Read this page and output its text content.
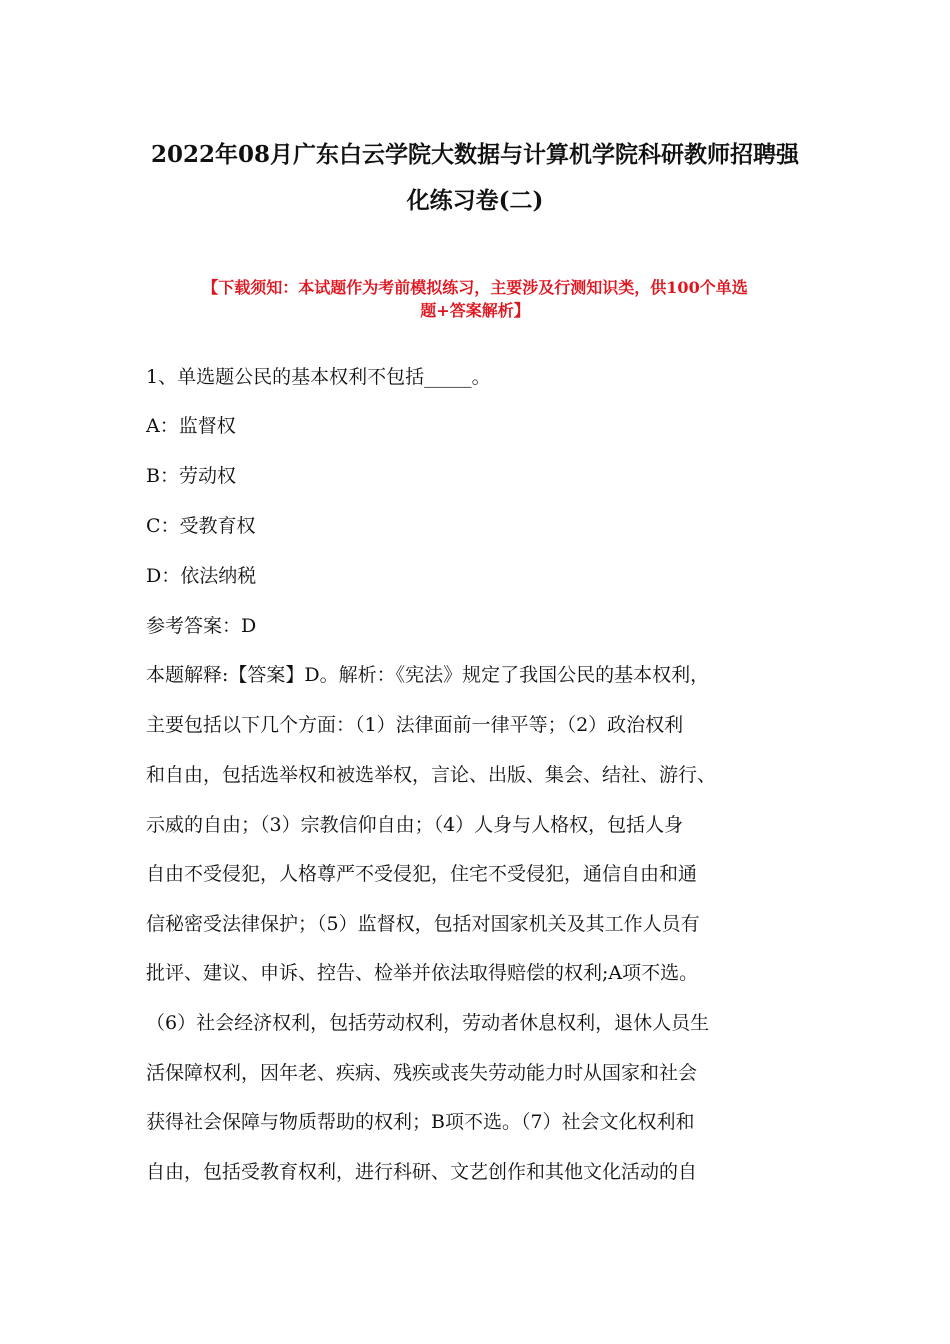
2022年08月广东白云学院大数据与计算机学院科研教师招聘强
化练习卷(二)
【下载须知：本试题作为考前模拟练习，主要涉及行测知识类，供100个单选
题+答案解析】
1、单选题公民的基本权利不包括_____。
A：监督权
B：劳动权
C：受教育权
D：依法纳税
参考答案：D
本题解释:【答案】D。解析：《宪法》规定了我国公民的基本权利，
主要包括以下几个方面：（1）法律面前一律平等；（2）政治权利
和自由，包括选举权和被选举权，言论、出版、集会、结社、游行、
示威的自由；（3）宗教信仰自由；（4）人身与人格权，包括人身
自由不受侵犯，人格尊严不受侵犯，住宅不受侵犯，通信自由和通
信秘密受法律保护；（5）监督权，包括对国家机关及其工作人员有
批评、建议、申诉、控告、检举并依法取得赔偿的权利;A项不选。
（6）社会经济权利，包括劳动权利，劳动者休息权利，退休人员生
活保障权利，因年老、疾病、残疾或丧失劳动能力时从国家和社会
获得社会保障与物质帮助的权利；B项不选。（7）社会文化权利和
自由，包括受教育权利，进行科研、文艺创作和其他文化活动的自
